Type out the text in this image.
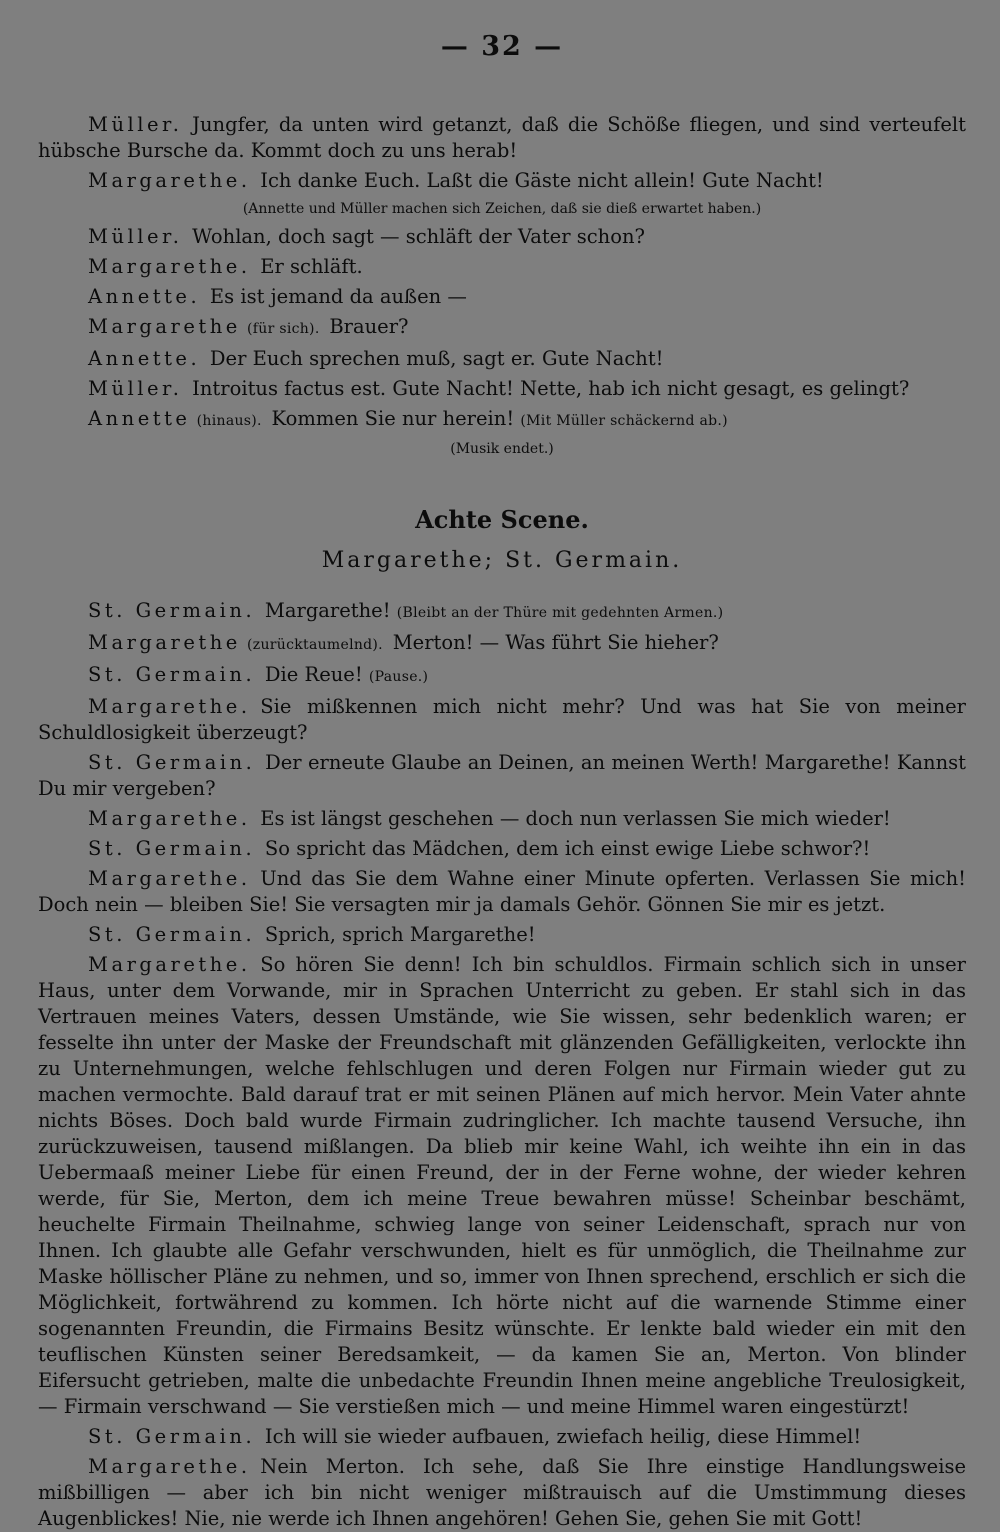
— 32 —
Müller.  Jungfer, da unten wird getanzt, daß die Schöße fliegen, und sind verteufelt hübsche Bursche da. Kommt doch zu uns herab!
Margarethe.  Ich danke Euch. Laßt die Gäste nicht allein! Gute Nacht!
(Annette und Müller machen sich Zeichen, daß sie dieß erwartet haben.)
Müller.  Wohlan, doch sagt — schläft der Vater schon?
Margarethe.  Er schläft.
Annette.  Es ist jemand da außen —
Margarethe (für sich).  Brauer?
Annette.  Der Euch sprechen muß, sagt er. Gute Nacht!
Müller.  Introitus factus est. Gute Nacht! Nette, hab ich nicht gesagt, es gelingt?
Annette (hinaus).  Kommen Sie nur herein! (Mit Müller schäckernd ab.)
(Musik endet.)
Achte Scene.
Margarethe; St. Germain.
St. Germain.  Margarethe! (Bleibt an der Thüre mit gedehnten Armen.)
Margarethe (zurücktaumelnd).  Merton! — Was führt Sie hieher?
St. Germain.  Die Reue! (Pause.)
Margarethe.  Sie mißkennen mich nicht mehr? Und was hat Sie von meiner Schuldlosigkeit überzeugt?
St. Germain.  Der erneute Glaube an Deinen, an meinen Werth! Margarethe! Kannst Du mir vergeben?
Margarethe.  Es ist längst geschehen — doch nun verlassen Sie mich wieder!
St. Germain.  So spricht das Mädchen, dem ich einst ewige Liebe schwor?!
Margarethe.  Und das Sie dem Wahne einer Minute opferten. Verlassen Sie mich! Doch nein — bleiben Sie! Sie versagten mir ja damals Gehör. Gönnen Sie mir es jetzt.
St. Germain.  Sprich, sprich Margarethe!
Margarethe.  So hören Sie denn! Ich bin schuldlos. Firmain schlich sich in unser Haus, unter dem Vorwande, mir in Sprachen Unterricht zu geben. Er stahl sich in das Vertrauen meines Vaters, dessen Umstände, wie Sie wissen, sehr bedenklich waren; er fesselte ihn unter der Maske der Freundschaft mit glänzenden Gefälligkeiten, verlockte ihn zu Unternehmungen, welche fehlschlugen und deren Folgen nur Firmain wieder gut zu machen vermochte. Bald darauf trat er mit seinen Plänen auf mich hervor. Mein Vater ahnte nichts Böses. Doch bald wurde Firmain zudringlicher. Ich machte tausend Versuche, ihn zurückzuweisen, tausend mißlangen. Da blieb mir keine Wahl, ich weihte ihn ein in das Uebermaaß meiner Liebe für einen Freund, der in der Ferne wohne, der wieder kehren werde, für Sie, Merton, dem ich meine Treue bewahren müsse! Scheinbar beschämt, heuchelte Firmain Theilnahme, schwieg lange von seiner Leidenschaft, sprach nur von Ihnen. Ich glaubte alle Gefahr verschwunden, hielt es für unmöglich, die Theilnahme zur Maske höllischer Pläne zu nehmen, und so, immer von Ihnen sprechend, erschlich er sich die Möglichkeit, fortwährend zu kommen. Ich hörte nicht auf die warnende Stimme einer sogenannten Freundin, die Firmains Besitz wünschte. Er lenkte bald wieder ein mit den teuflischen Künsten seiner Beredsamkeit, — da kamen Sie an, Merton. Von blinder Eifersucht getrieben, malte die unbedachte Freundin Ihnen meine angebliche Treulosigkeit, — Firmain verschwand — Sie verstießen mich — und meine Himmel waren eingestürzt!
St. Germain.  Ich will sie wieder aufbauen, zwiefach heilig, diese Himmel!
Margarethe.  Nein Merton. Ich sehe, daß Sie Ihre einstige Handlungsweise mißbilligen — aber ich bin nicht weniger mißtrauisch auf die Umstimmung dieses Augenblickes! Nie, nie werde ich Ihnen angehören! Gehen Sie, gehen Sie mit Gott!
